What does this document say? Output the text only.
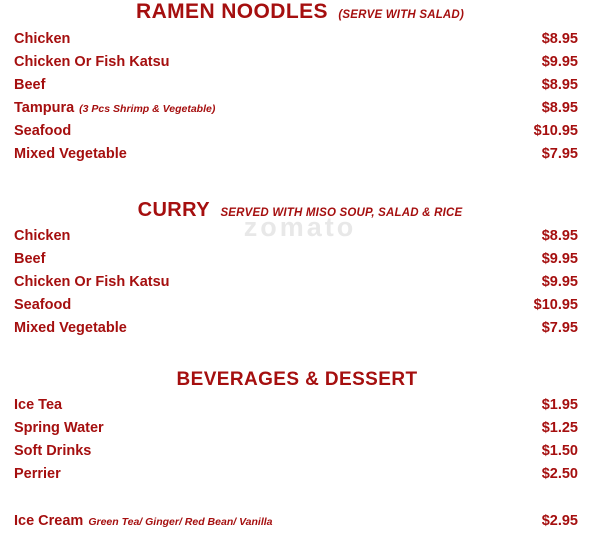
zomato
RAMEN NOODLES (SERVE WITH SALAD)
Chicken	$8.95
Chicken Or Fish Katsu	$9.95
Beef	$8.95
Tampura (3 Pcs Shrimp & Vegetable)	$8.95
Seafood	$10.95
Mixed Vegetable	$7.95
CURRY SERVED WITH MISO SOUP, SALAD & RICE
Chicken	$8.95
Beef	$9.95
Chicken Or Fish Katsu	$9.95
Seafood	$10.95
Mixed Vegetable	$7.95
BEVERAGES & DESSERT
Ice Tea	$1.95
Spring Water	$1.25
Soft Drinks	$1.50
Perrier	$2.50
Ice Cream Green Tea/ Ginger/ Red Bean/ Vanilla	$2.95
